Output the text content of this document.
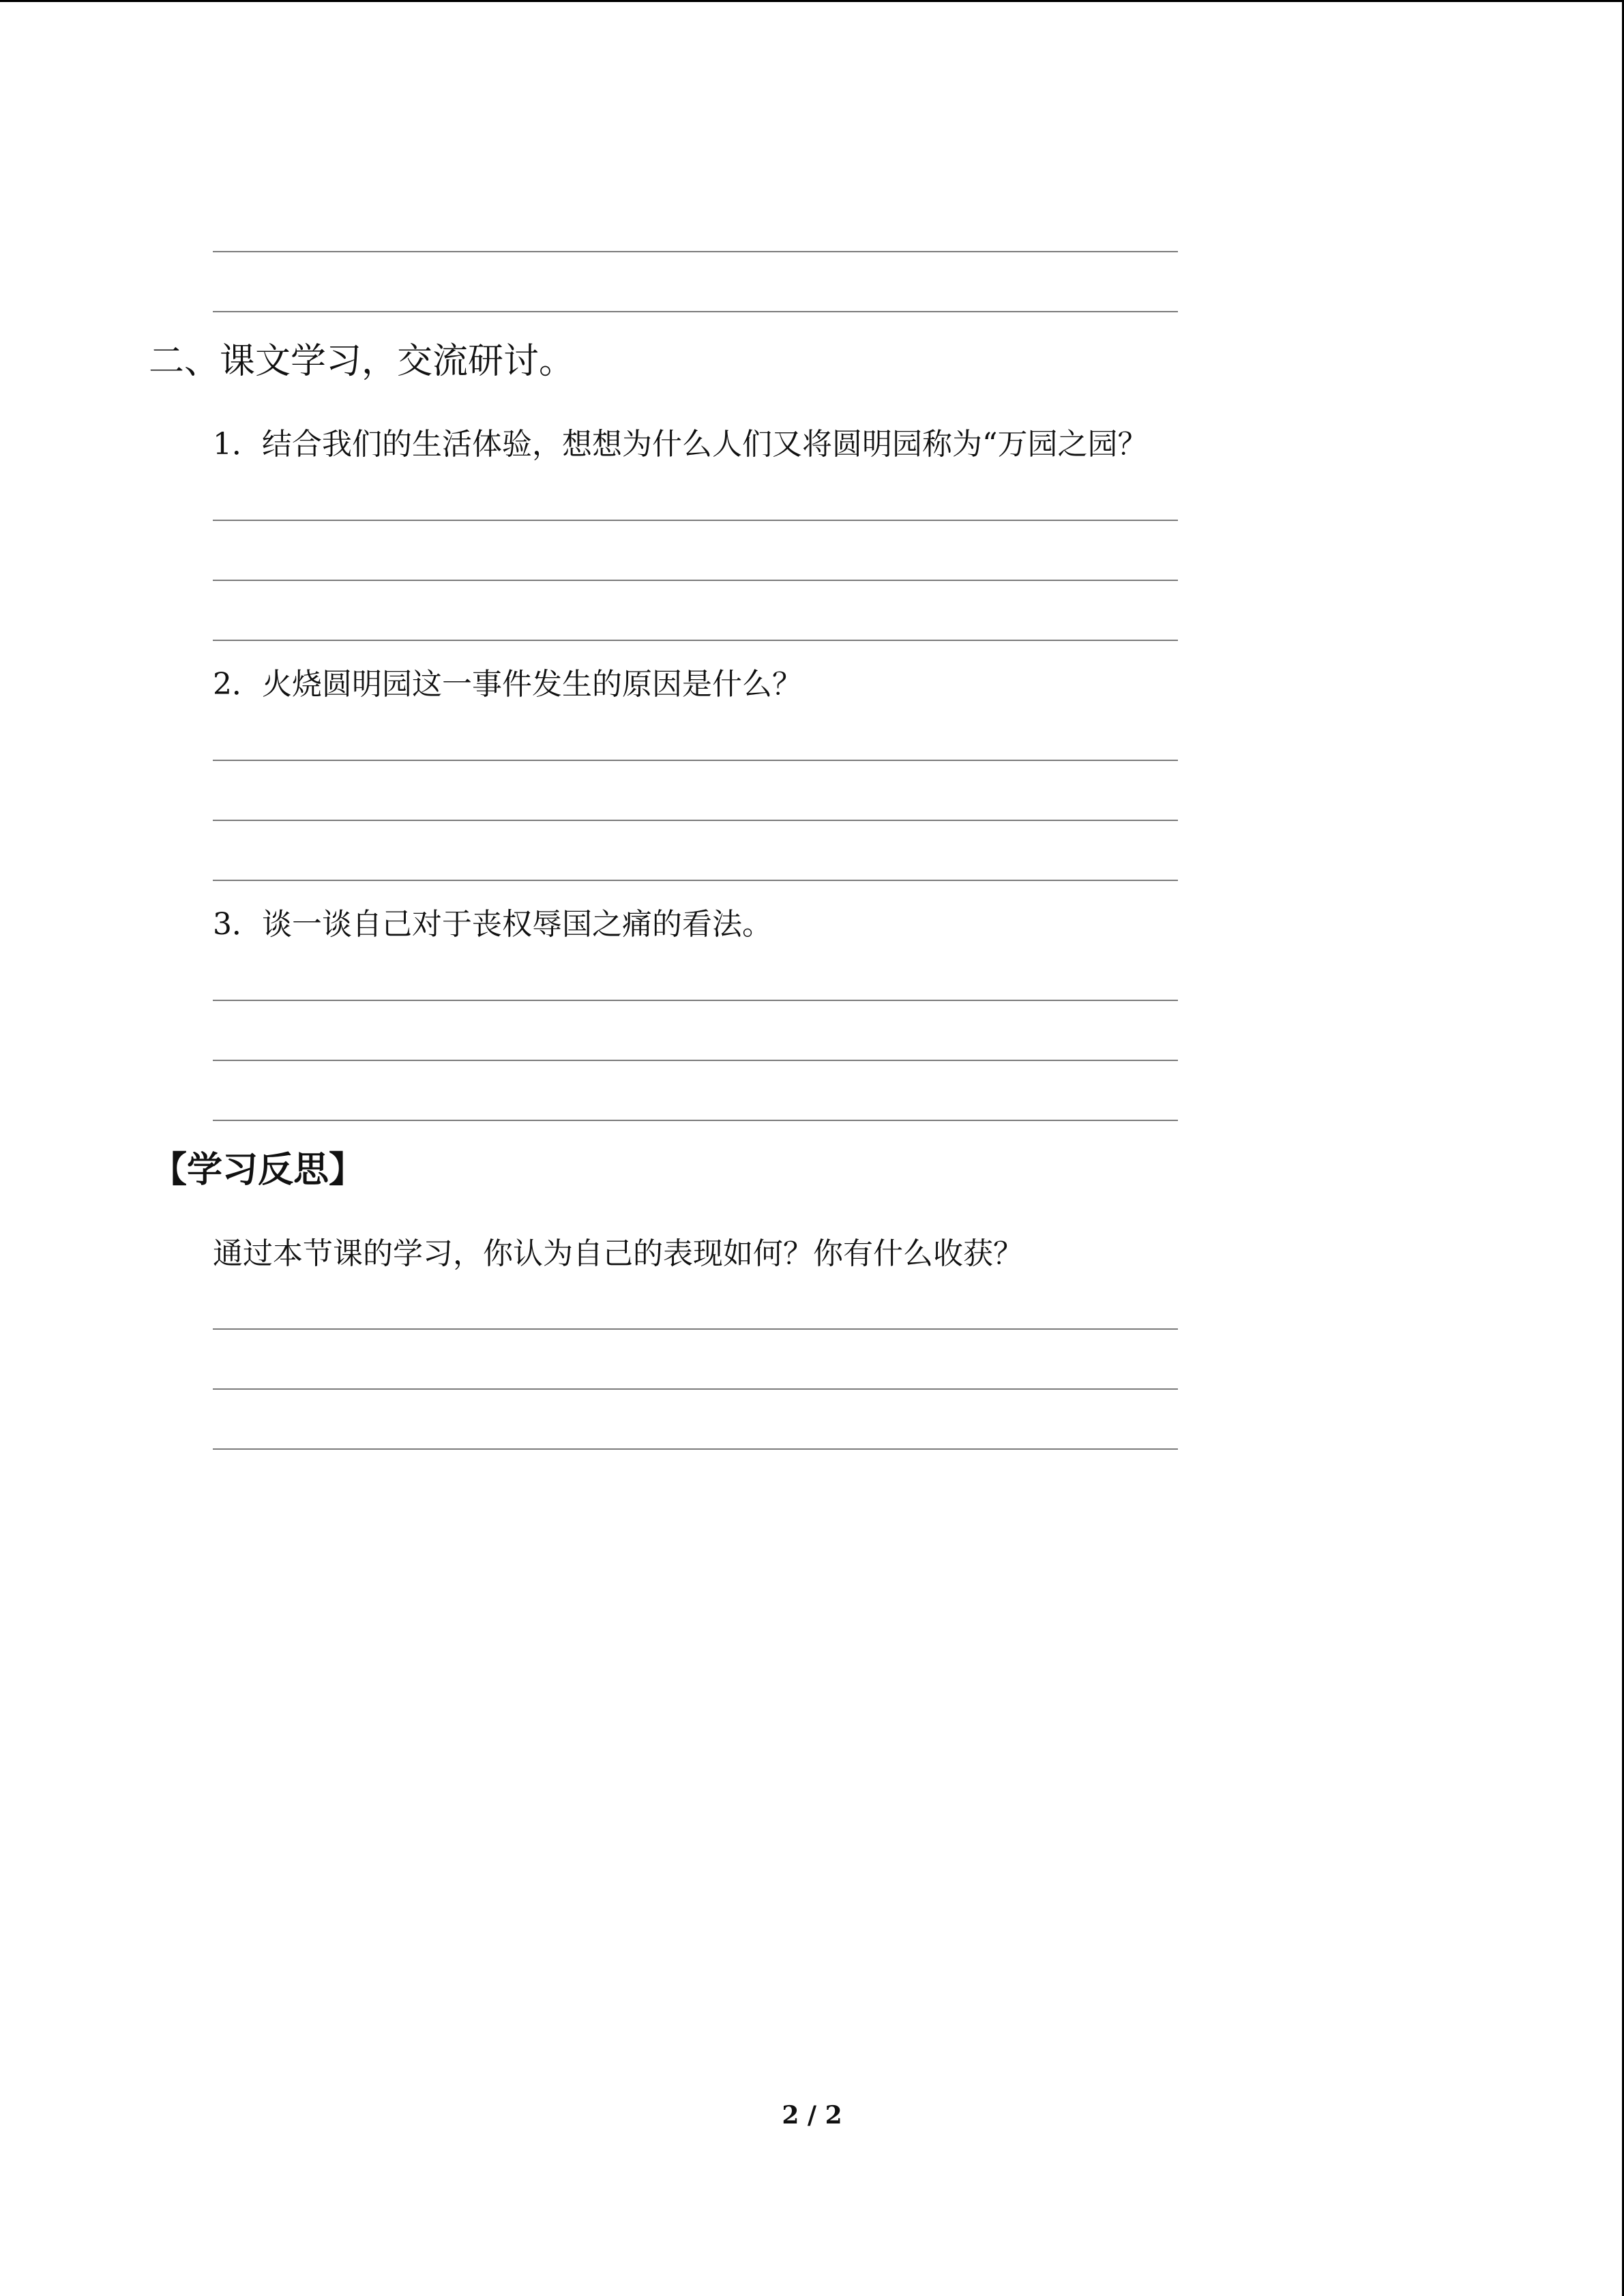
二、课文学习，交流研讨。
1．结合我们的生活体验，想想为什么人们又将圆明园称为“万园之园？
2．火烧圆明园这一事件发生的原因是什么？
3．谈一谈自己对于丧权辱国之痛的看法。
【学习反思】
通过本节课的学习，你认为自己的表现如何？你有什么收获？
2 / 2
